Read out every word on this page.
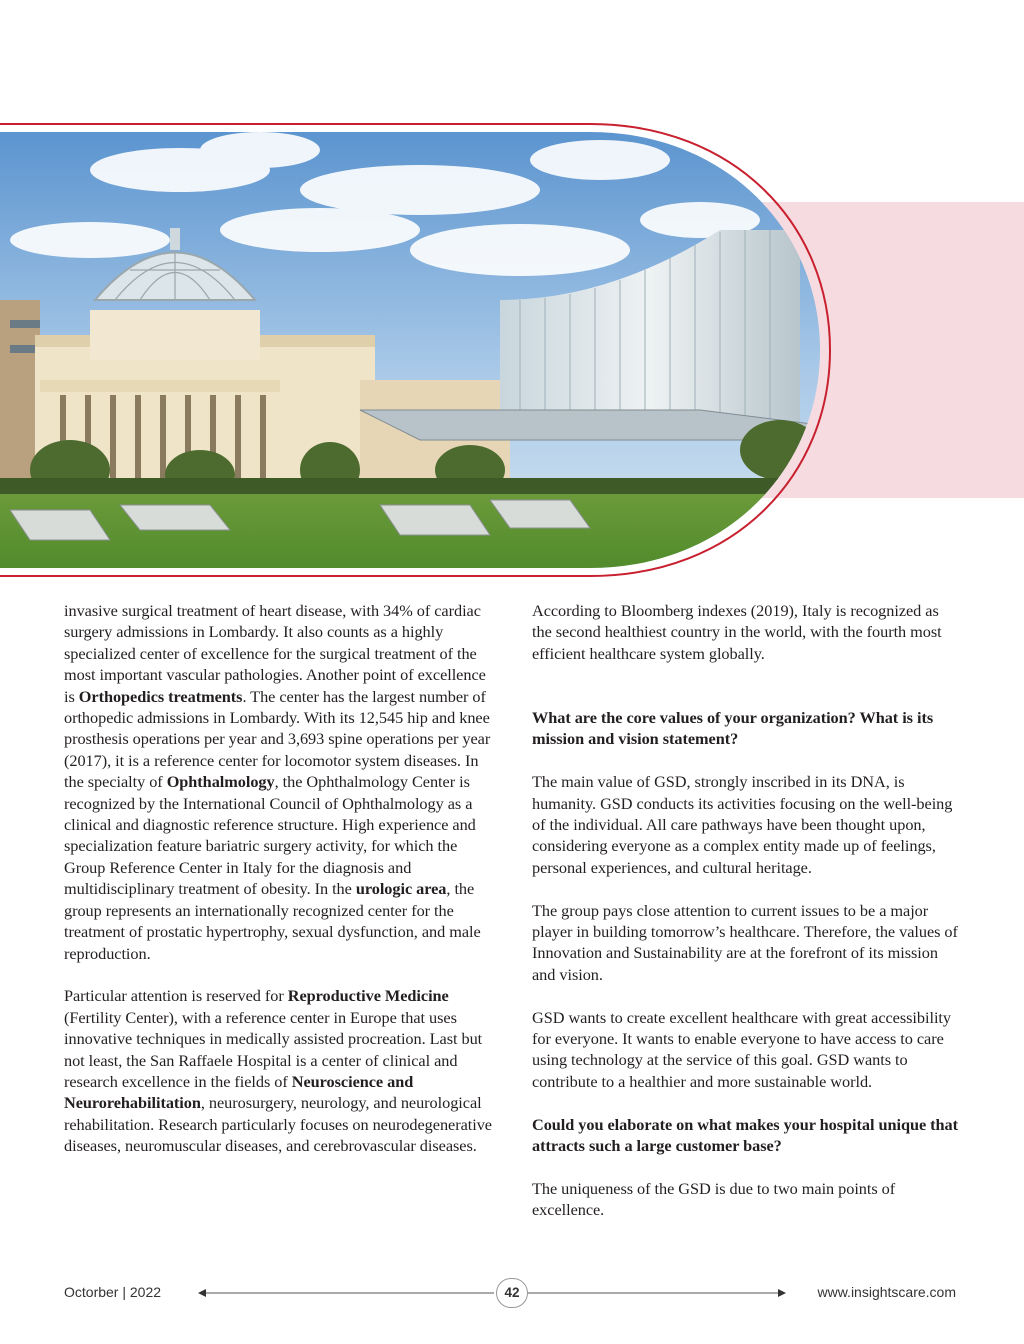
invasive surgical treatment of heart disease, with 34% of cardiac surgery admissions in Lombardy. It also counts as a highly specialized center of excellence for the surgical treatment of the most important vascular pathologies. Another point of excellence is Orthopedics treatments. The center has the largest number of orthopedic admissions in Lombardy. With its 12,545 hip and knee prosthesis operations per year and 3,693 spine operations per year (2017), it is a reference center for locomotor system diseases. In the specialty of Ophthalmology, the Ophthalmology Center is recognized by the International Council of Ophthalmology as a clinical and diagnostic reference structure. High experience and specialization feature bariatric surgery activity, for which the Group Reference Center in Italy for the diagnosis and multidisciplinary treatment of obesity. In the urologic area, the group represents an internationally recognized center for the treatment of prostatic hypertrophy, sexual dysfunction, and male reproduction.

Particular attention is reserved for Reproductive Medicine (Fertility Center), with a reference center in Europe that uses innovative techniques in medically assisted procreation. Last but not least, the San Raffaele Hospital is a center of clinical and research excellence in the fields of Neuroscience and Neurorehabilitation, neurosurgery, neurology, and neurological rehabilitation. Research particularly focuses on neurodegenerative diseases, neuromuscular diseases, and cerebrovascular diseases.

According to Bloomberg indexes (2019), Italy is recognized as the second healthiest country in the world, with the fourth most efficient healthcare system globally.

What are the core values of your organization? What is its mission and vision statement?

The main value of GSD, strongly inscribed in its DNA, is humanity. GSD conducts its activities focusing on the well-being of the individual. All care pathways have been thought upon, considering everyone as a complex entity made up of feelings, personal experiences, and cultural heritage.

The group pays close attention to current issues to be a major player in building tomorrow’s healthcare. Therefore, the values of Innovation and Sustainability are at the forefront of its mission and vision.

GSD wants to create excellent healthcare with great accessibility for everyone. It wants to enable everyone to have access to care using technology at the service of this goal. GSD wants to contribute to a healthier and more sustainable world.

Could you elaborate on what makes your hospital unique that attracts such a large customer base?

The uniqueness of the GSD is due to two main points of excellence.

Octorber | 2022	42	www.insightscare.com
